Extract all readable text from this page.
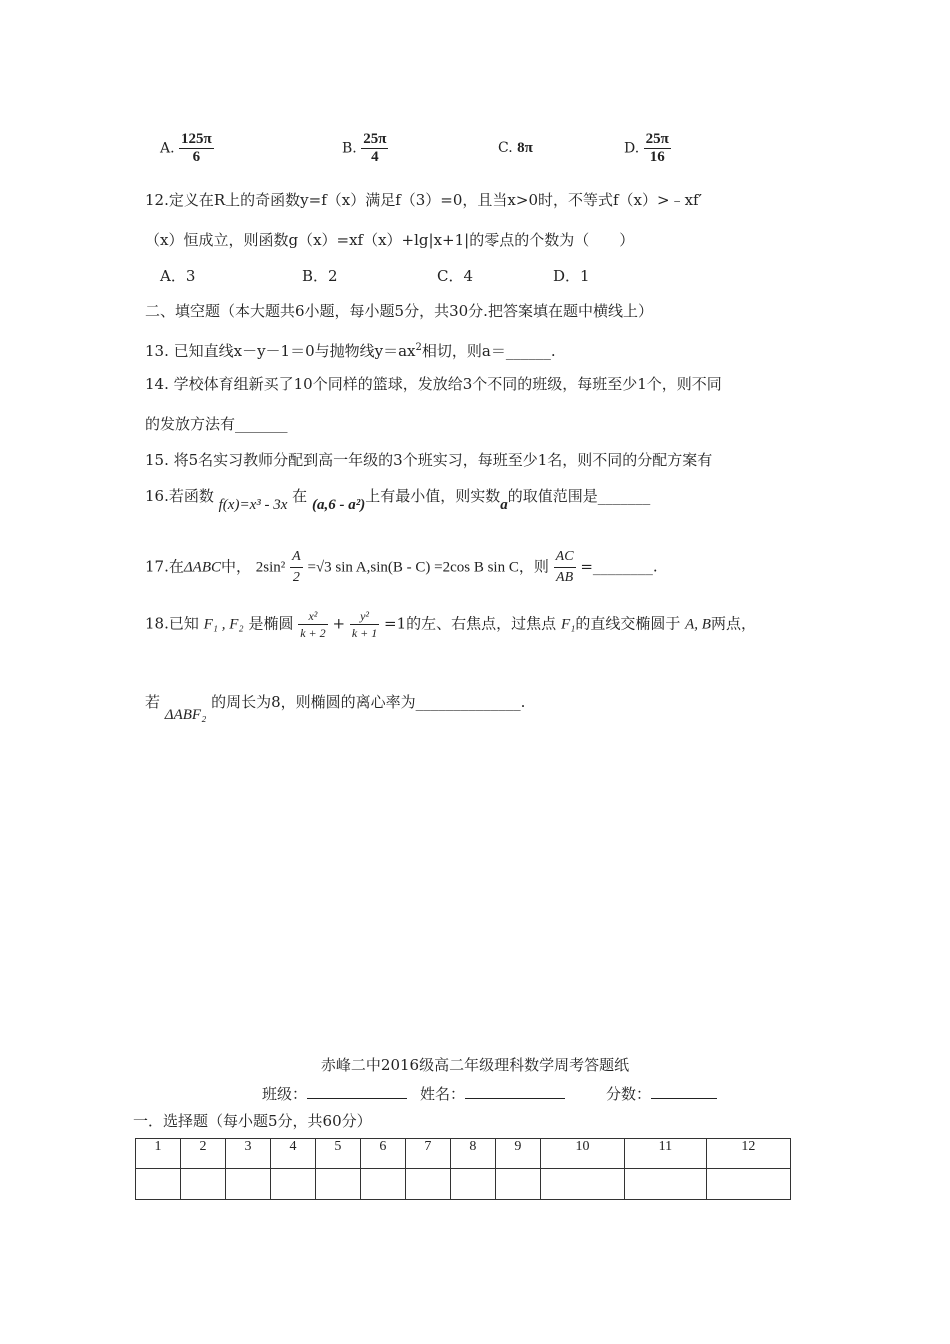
A. $\frac{125\pi}{6}$	B. $\frac{25\pi}{4}$	C. 8π	D. $\frac{25\pi}{16}$
12.定义在R上的奇函数y=f（x）满足f（3）=0，且当x>0时，不等式f（x）>﹣xf′
（x）恒成立，则函数g（x）=xf（x）+lg|x+1|的零点的个数为（　　）
A．3	B．2	C．4	D．1
二、填空题（本大题共6小题，每小题5分，共30分.把答案填在题中横线上）
13. 已知直线x－y－1＝0与抛物线$y=ax^2$相切，则a＝______.
14. 学校体育组新买了10个同样的篮球，发放给3个不同的班级，每班至少1个，则不同
的发放方法有_______
15. 将5名实习教师分配到高一年级的3个班实习，每班至少1名，则不同的分配方案有
16.若函数 f(x)=x³ - 3x 在 (a,6 - a²)上有最小值，则实数a的取值范围是_______
17.在ΔABC中， $2\sin^2 \frac{A}{2} =√3$ sin A,sin(B - C) =2cos B sin C，则 $\frac{AC}{AB}$ =________.
18.已知 F₁ , F₂ 是椭圆 $\frac{\text{x²}}{k + 2} + \frac{\text{y²}}{k + 1} =1$的左、右焦点，过焦点 F₁的直线交椭圆于 A, B两点，
若 ΔABF₂ 的周长为8，则椭圆的离心率为______________.
赤峰二中2016级高二年级理科数学周考答题纸
班级：	姓名：	分数：
一．选择题（每小题5分，共60分）
1	2	3	4	5	6	7	8	9	10	11	12
